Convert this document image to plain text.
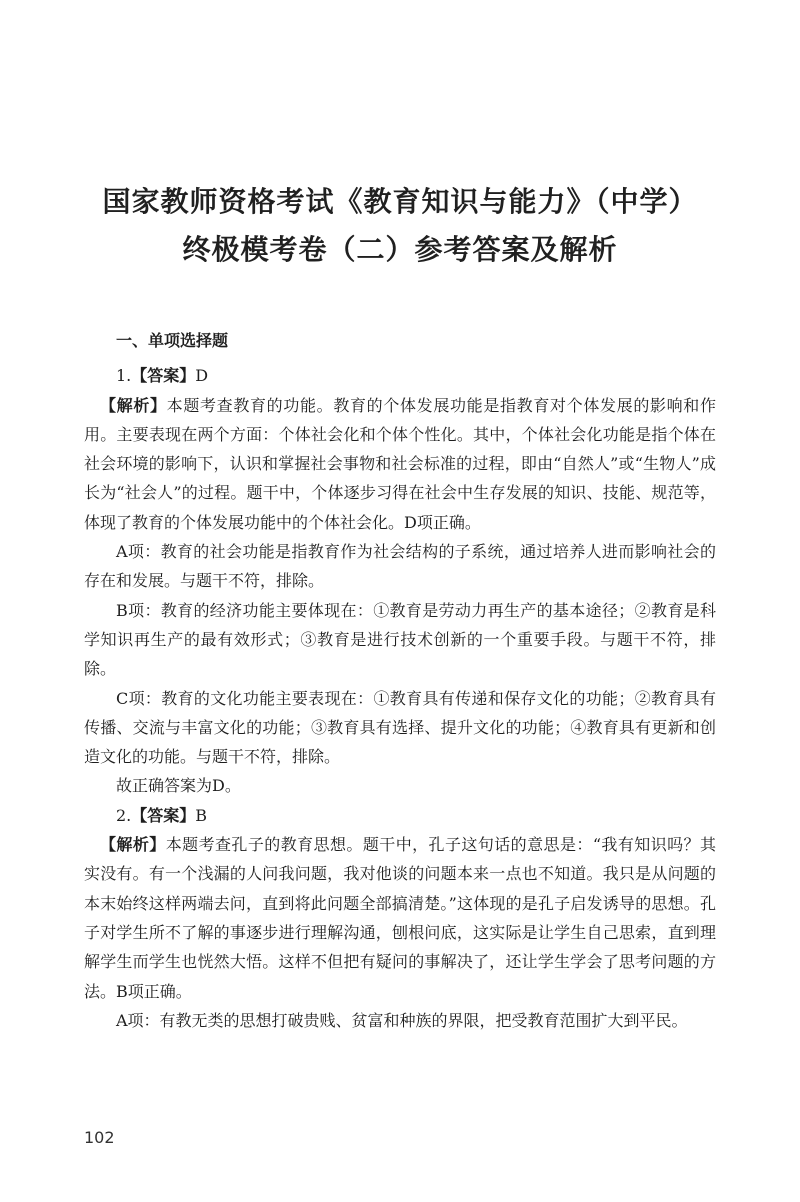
国家教师资格考试《教育知识与能力》（中学）
终极模考卷（二）参考答案及解析

一、单项选择题

1.【答案】D

【解析】本题考查教育的功能。教育的个体发展功能是指教育对个体发展的影响和作用。主要表现在两个方面：个体社会化和个体个性化。其中，个体社会化功能是指个体在社会环境的影响下，认识和掌握社会事物和社会标准的过程，即由“自然人”或“生物人”成长为“社会人”的过程。题干中，个体逐步习得在社会中生存发展的知识、技能、规范等，体现了教育的个体发展功能中的个体社会化。D项正确。

A项：教育的社会功能是指教育作为社会结构的子系统，通过培养人进而影响社会的存在和发展。与题干不符，排除。

B项：教育的经济功能主要体现在：①教育是劳动力再生产的基本途径；②教育是科学知识再生产的最有效形式；③教育是进行技术创新的一个重要手段。与题干不符，排除。

C项：教育的文化功能主要表现在：①教育具有传递和保存文化的功能；②教育具有传播、交流与丰富文化的功能；③教育具有选择、提升文化的功能；④教育具有更新和创造文化的功能。与题干不符，排除。

故正确答案为D。

2.【答案】B

【解析】本题考查孔子的教育思想。题干中，孔子这句话的意思是：“我有知识吗？其实没有。有一个浅漏的人问我问题，我对他谈的问题本来一点也不知道。我只是从问题的本末始终这样两端去问，直到将此问题全部搞清楚。”这体现的是孔子启发诱导的思想。孔子对学生所不了解的事逐步进行理解沟通，刨根问底，这实际是让学生自己思索，直到理解学生而学生也恍然大悟。这样不但把有疑问的事解决了，还让学生学会了思考问题的方法。B项正确。

A项：有教无类的思想打破贵贱、贫富和种族的界限，把受教育范围扩大到平民。

102
